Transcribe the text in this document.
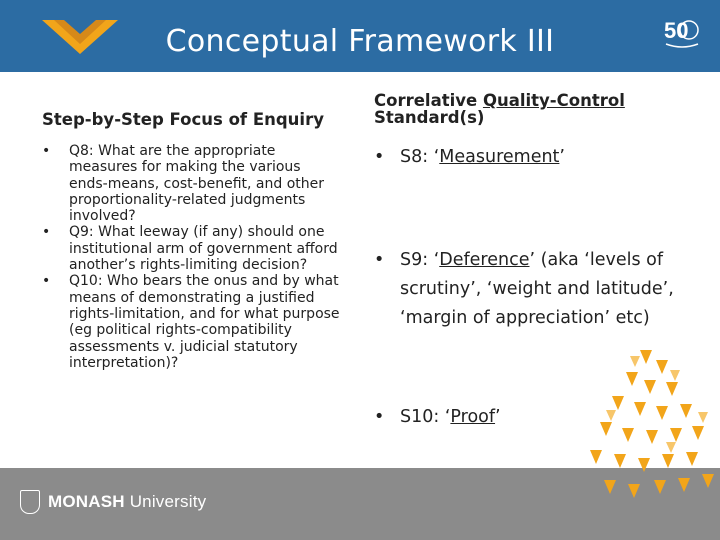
Conceptual Framework III	50
Step-by-Step Focus of Enquiry
• Q8: What are the appropriate measures for making the various ends-means, cost-benefit, and other proportionality-related judgments involved?
• Q9: What leeway (if any) should one institutional arm of government afford another’s rights-limiting decision?
• Q10: Who bears the onus and by what means of demonstrating a justified rights-limitation, and for what purpose (eg political rights-compatibility assessments v. judicial statutory interpretation)?
Correlative Quality-Control
Standard(s)
• S8: ‘Measurement’
• S9: ‘Deference’ (aka ‘levels of scrutiny’, ‘weight and latitude’, ‘margin of appreciation’ etc)
• S10: ‘Proof’
MONASH University
